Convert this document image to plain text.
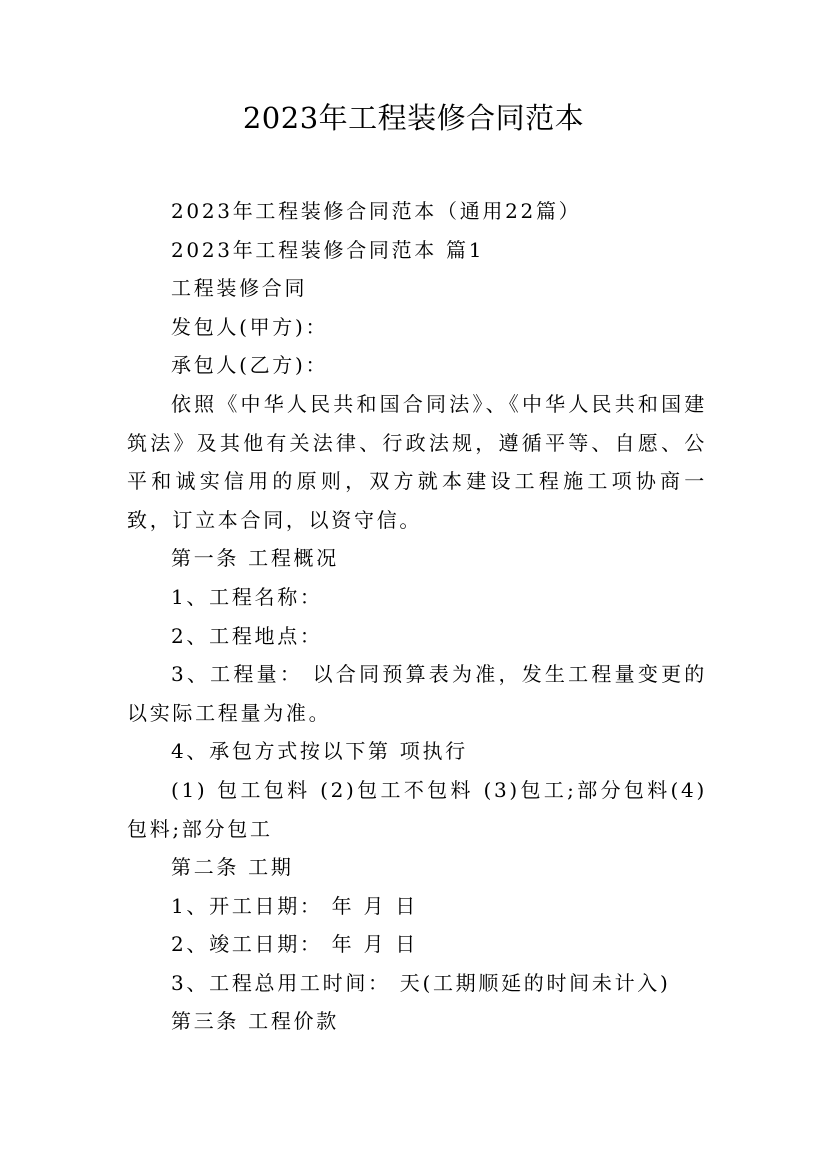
2023年工程装修合同范本

2023年工程装修合同范本（通用22篇）

2023年工程装修合同范本 篇1

工程装修合同

发包人(甲方)：

承包人(乙方)：

依照《中华人民共和国合同法》、《中华人民共和国建筑法》及其他有关法律、行政法规，遵循平等、自愿、公平和诚实信用的原则，双方就本建设工程施工项协商一致，订立本合同，以资守信。

第一条 工程概况

1、工程名称：

2、工程地点：

3、工程量： 以合同预算表为准，发生工程量变更的以实际工程量为准。

4、承包方式按以下第 项执行

(1) 包工包料 (2)包工不包料 (3)包工;部分包料(4)包料;部分包工

第二条 工期

1、开工日期： 年 月 日

2、竣工日期： 年 月 日

3、工程总用工时间： 天(工期顺延的时间未计入)

第三条 工程价款
